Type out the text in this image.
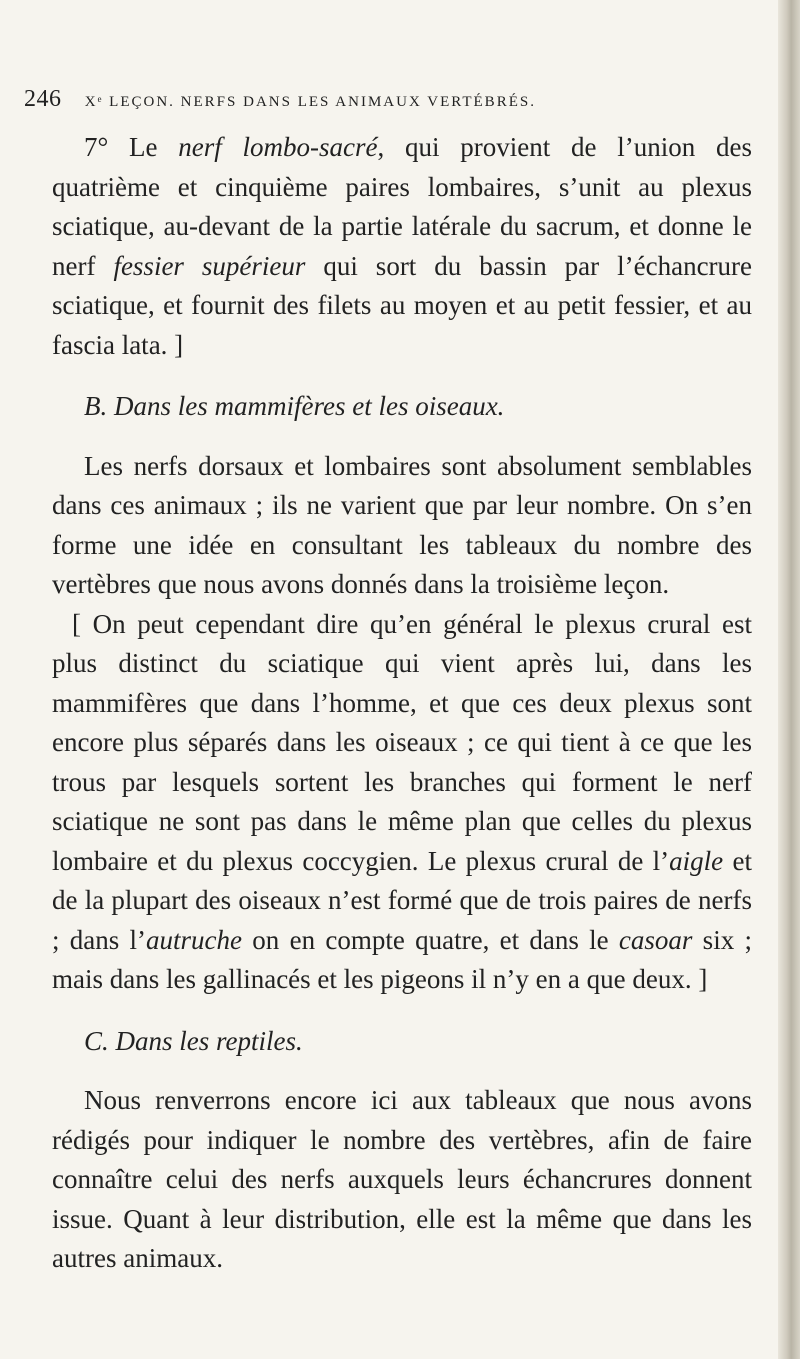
246 Xᵉ LEÇON. NERFS DANS LES ANIMAUX VERTÉBRÉS.

7° Le nerf lombo-sacré, qui provient de l’union des quatrième et cinquième paires lombaires, s’unit au plexus sciatique, au-devant de la partie latérale du sacrum, et donne le nerf fessier supérieur qui sort du bassin par l’échancrure sciatique, et fournit des filets au moyen et au petit fessier, et au fascia lata. ]

B. Dans les mammifères et les oiseaux.

Les nerfs dorsaux et lombaires sont absolument semblables dans ces animaux ; ils ne varient que par leur nombre. On s’en forme une idée en consultant les tableaux du nombre des vertèbres que nous avons donnés dans la troisième leçon.

[ On peut cependant dire qu’en général le plexus crural est plus distinct du sciatique qui vient après lui, dans les mammifères que dans l’homme, et que ces deux plexus sont encore plus séparés dans les oiseaux ; ce qui tient à ce que les trous par lesquels sortent les branches qui forment le nerf sciatique ne sont pas dans le même plan que celles du plexus lombaire et du plexus coccygien. Le plexus crural de l’aigle et de la plupart des oiseaux n’est formé que de trois paires de nerfs ; dans l’autruche on en compte quatre, et dans le casoar six ; mais dans les gallinacés et les pigeons il n’y en a que deux. ]

C. Dans les reptiles.

Nous renverrons encore ici aux tableaux que nous avons rédigés pour indiquer le nombre des vertèbres, afin de faire connaître celui des nerfs auxquels leurs échancrures donnent issue. Quant à leur distribution, elle est la même que dans les autres animaux.
